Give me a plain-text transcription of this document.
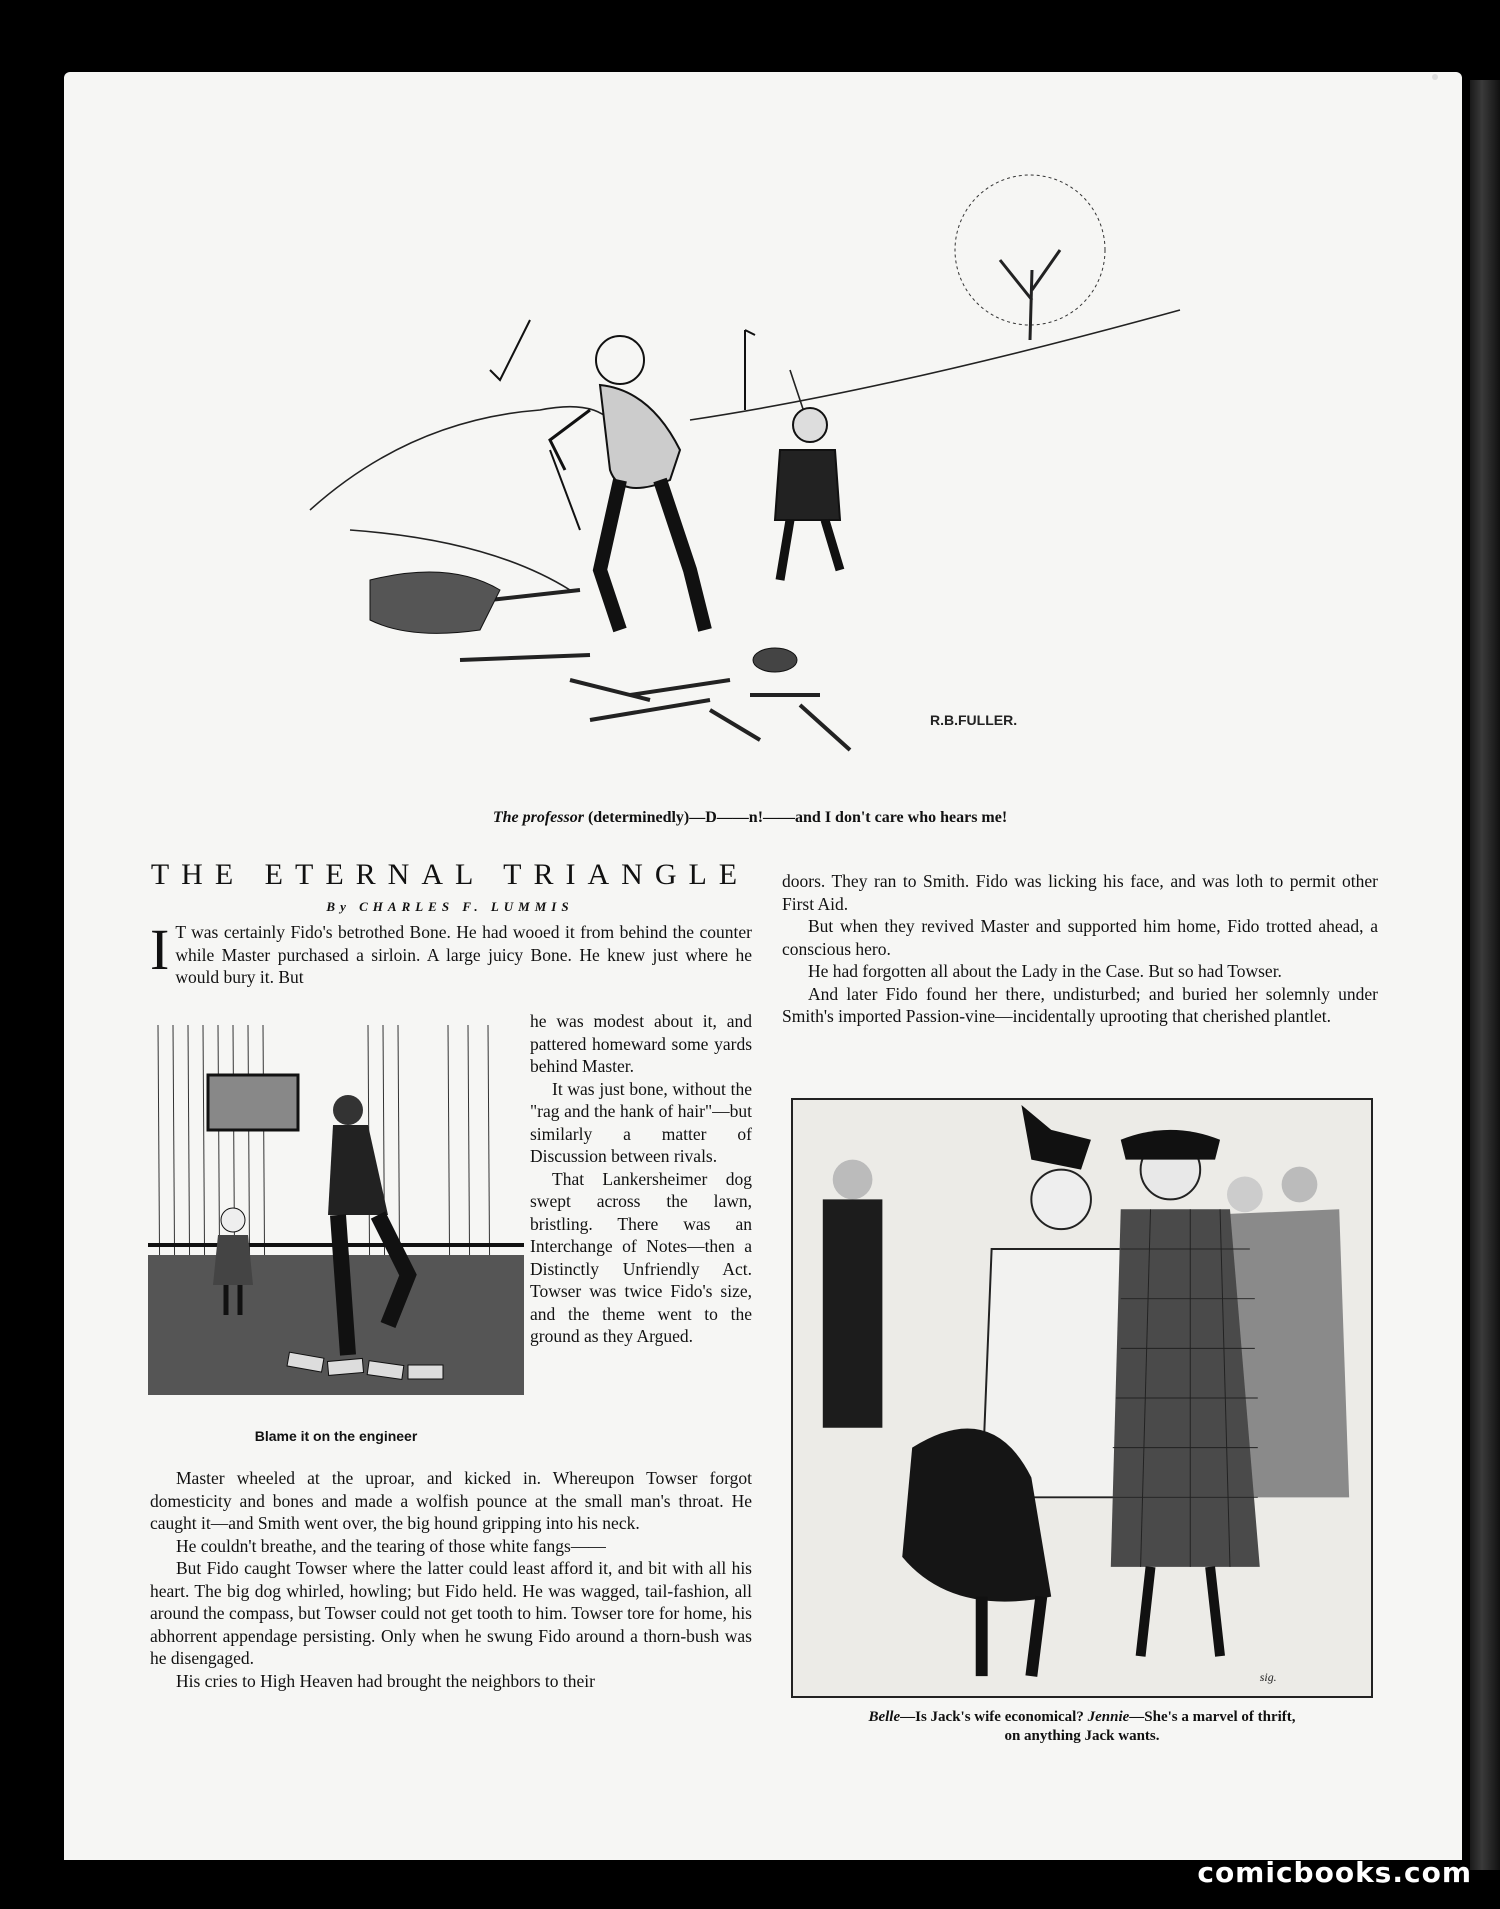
R.B.FULLER.
The professor (determinedly)—D——n!——and I don't care who hears me!
THE ETERNAL TRIANGLE
By CHARLES F. LUMMIS
I T was certainly Fido's betrothed Bone. He had wooed it from behind the counter while Master purchased a sirloin. A large juicy Bone. He knew just where he would bury it. But

he was modest about it, and pattered homeward some yards behind Master.

It was just bone, without the "rag and the hank of hair"—but similarly a matter of Discussion between rivals.

That Lankersheimer dog swept across the lawn, bristling. There was an Interchange of Notes—then a Distinctly Unfriendly Act. Towser was twice Fido's size, and the theme went to the ground as they Argued.

Blame it on the engineer

Master wheeled at the uproar, and kicked in. Whereupon Towser forgot domesticity and bones and made a wolfish pounce at the small man's throat. He caught it—and Smith went over, the big hound gripping into his neck.

He couldn't breathe, and the tearing of those white fangs——

But Fido caught Towser where the latter could least afford it, and bit with all his heart. The big dog whirled, howling; but Fido held. He was wagged, tail-fashion, all around the compass, but Towser could not get tooth to him. Towser tore for home, his abhorrent appendage persisting. Only when he swung Fido around a thorn-bush was he disengaged.

His cries to High Heaven had brought the neighbors to their

doors. They ran to Smith. Fido was licking his face, and was loth to permit other First Aid.

But when they revived Master and supported him home, Fido trotted ahead, a conscious hero.

He had forgotten all about the Lady in the Case. But so had Towser.

And later Fido found her there, undisturbed; and buried her solemnly under Smith's imported Passion-vine—incidentally uprooting that cherished plantlet.

sig.
Belle—Is Jack's wife economical? Jennie—She's a marvel of thrift,
on anything Jack wants.
comicbooks.com
